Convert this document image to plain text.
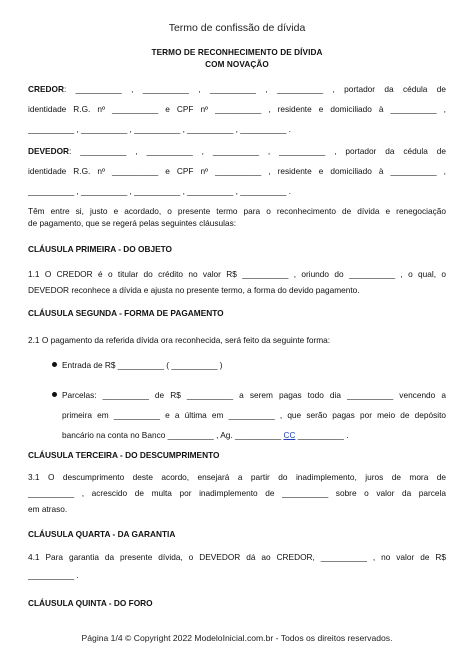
Termo de confissão de dívida
TERMO DE RECONHECIMENTO DE DÍVIDA
COM NOVAÇÃO
CREDOR: __________ , __________ , __________ , __________ , portador da cédula de
identidade R.G. nº __________ e CPF nº __________ , residente e domiciliado à __________ ,
__________ , __________ , __________ , __________ , __________ .
DEVEDOR: __________ , __________ , __________ , __________ , portador da cédula de
identidade R.G. nº __________ e CPF nº __________ , residente e domiciliado à __________ ,
__________ , __________ , __________ , __________ , __________ .
Têm entre si, justo e acordado, o presente termo para o reconhecimento de dívida e renegociação
de pagamento, que se regerá pelas seguintes cláusulas:
CLÁUSULA PRIMEIRA - DO OBJETO
1.1 O CREDOR é o titular do crédito no valor R$ __________ , oriundo do __________ , o qual, o
DEVEDOR reconhece a dívida e ajusta no presente termo, a forma do devido pagamento.
CLÁUSULA SEGUNDA - FORMA DE PAGAMENTO
2.1 O pagamento da referida dívida ora reconhecida, será feito da seguinte forma:
Entrada de R$ __________ ( __________ )
Parcelas: __________ de R$ __________ a serem pagas todo dia __________ vencendo a
primeira em __________ e a última em __________ , que serão pagas por meio de depósito
bancário na conta no Banco __________ , Ag. __________ CC __________ .
CLÁUSULA TERCEIRA - DO DESCUMPRIMENTO
3.1 O descumprimento deste acordo, ensejará a partir do inadimplemento, juros de mora de
__________ , acrescido de multa por inadimplemento de __________ sobre o valor da parcela
em atraso.
CLÁUSULA QUARTA - DA GARANTIA
4.1 Para garantia da presente dívida, o DEVEDOR dá ao CREDOR, __________ , no valor de R$
__________ .
CLÁUSULA QUINTA - DO FORO
Página 1/4 © Copyright 2022 ModeloInicial.com.br - Todos os direitos reservados.
